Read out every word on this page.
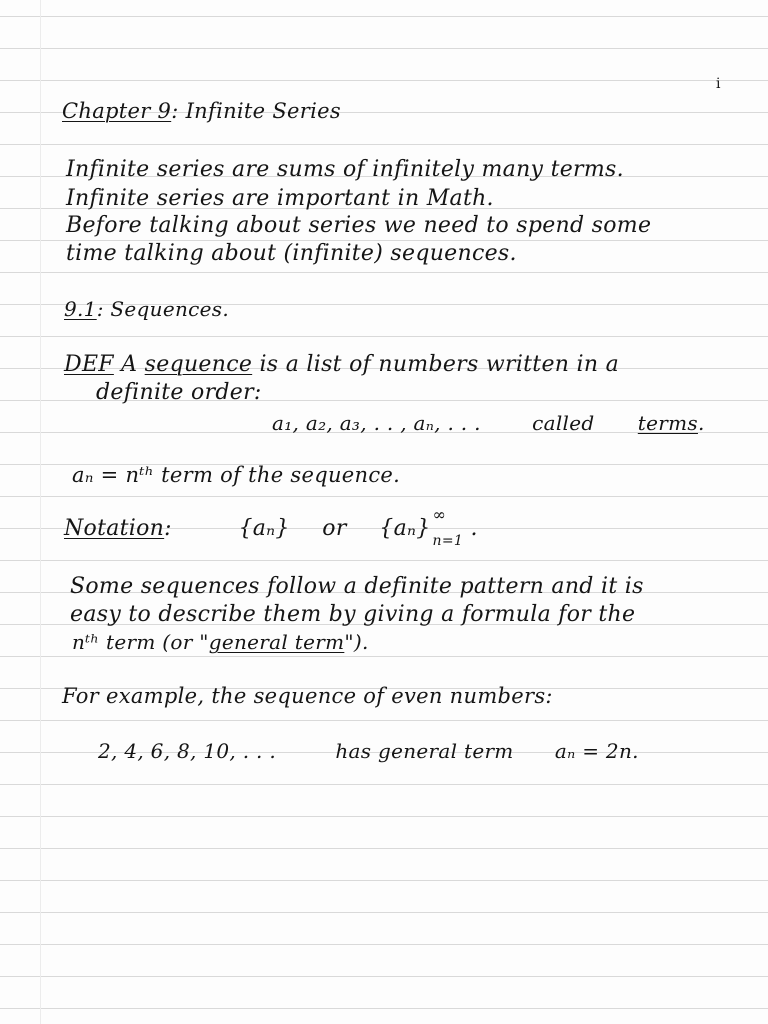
i
Chapter 9: Infinite Series
Infinite series are sums of infinitely many terms.
Infinite series are important in Math.
Before talking about series we need to spend some
time talking about (infinite) sequences.
9.1: Sequences.
DEF A sequence is a list of numbers written in a
definite order:
a₁, a₂, a₃, . . , aₙ, . . .	called terms.
aₙ = nᵗʰ term of the sequence.
Notation:	{aₙ} or {aₙ}
∞
n=1 .
Some sequences follow a definite pattern and it is
easy to describe them by giving a formula for the
nᵗʰ term (or "general term").
For example, the sequence of even numbers:
2, 4, 6, 8, 10, . . .	has general term aₙ = 2n.
